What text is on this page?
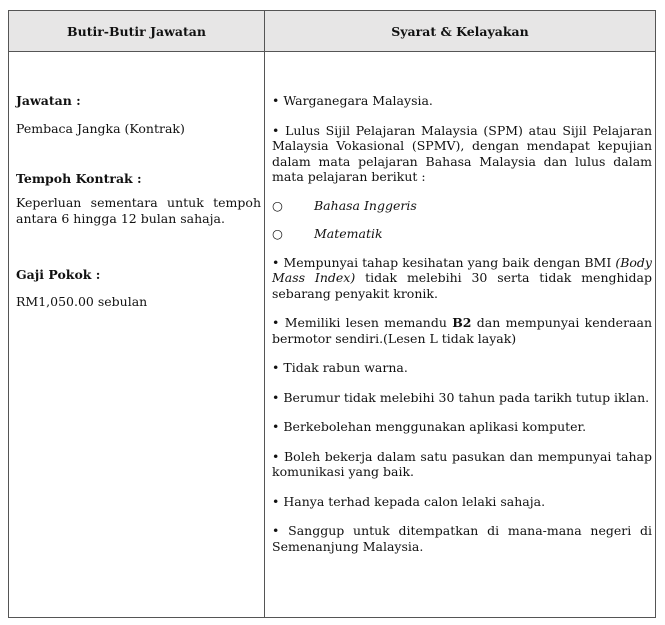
Butir-Butir Jawatan	Syarat & Kelayakan
Jawatan :
Pembaca Jangka (Kontrak)
Tempoh Kontrak :
Keperluan sementara untuk tempoh antara 6 hingga 12 bulan sahaja.
Gaji Pokok :
RM1,050.00 sebulan

• Warganegara Malaysia.

• Lulus Sijil Pelajaran Malaysia (SPM) atau Sijil Pelajaran Malaysia Vokasional (SPMV), dengan mendapat kepujian dalam mata pelajaran Bahasa Malaysia dan lulus dalam mata pelajaran berikut :

○ Bahasa Inggeris
○ Matematik

• Mempunyai tahap kesihatan yang baik dengan BMI (Body Mass Index) tidak melebihi 30 serta tidak menghidap sebarang penyakit kronik.

• Memiliki lesen memandu B2 dan mempunyai kenderaan bermotor sendiri.(Lesen L tidak layak)

• Tidak rabun warna.

• Berumur tidak melebihi 30 tahun pada tarikh tutup iklan.

• Berkebolehan menggunakan aplikasi komputer.

• Boleh bekerja dalam satu pasukan dan mempunyai tahap komunikasi yang baik.

• Hanya terhad kepada calon lelaki sahaja.

• Sanggup untuk ditempatkan di mana-mana negeri di Semenanjung Malaysia.
